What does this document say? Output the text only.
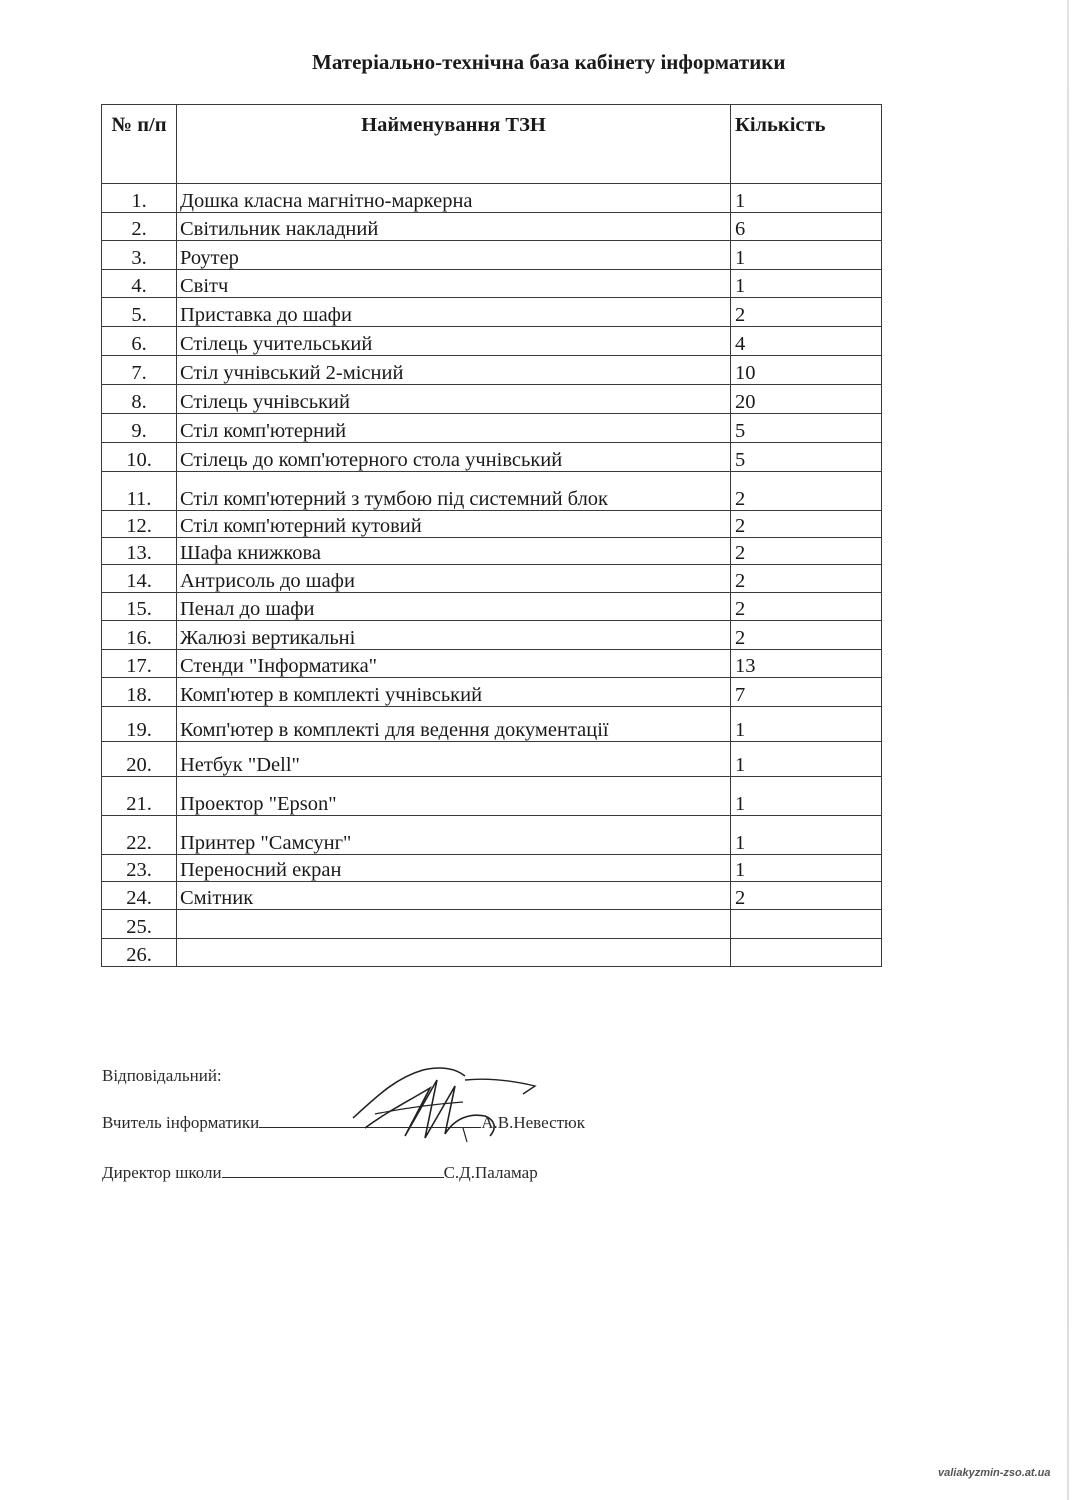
Матеріально-технічна база кабінету інформатики
№ п/п	Найменування ТЗН	Кількість
1.	Дошка класна магнітно-маркерна	1
2.	Світильник накладний	6
3.	Роутер	1
4.	Світч	1
5.	Приставка до шафи	2
6.	Стілець учительський	4
7.	Стіл учнівський 2-місний	10
8.	Стілець учнівський	20
9.	Стіл комп'ютерний	5
10.	Стілець до комп'ютерного стола учнівський	5
11.	Стіл комп'ютерний з тумбою під системний блок	2
12.	Стіл комп'ютерний кутовий	2
13.	Шафа книжкова	2
14.	Антрисоль до шафи	2
15.	Пенал до шафи	2
16.	Жалюзі вертикальні	2
17.	Стенди "Інформатика"	13
18.	Комп'ютер в комплекті учнівський	7
19.	Комп'ютер в комплекті для ведення документації	1
20.	Нетбук "Dell"	1
21.	Проектор "Epson"	1
22.	Принтер "Самсунг"	1
23.	Переносний екран	1
24.	Смітник	2
25.		
26.		
Відповідальний:
Вчитель інформатики	А.В.Невестюк
Директор школи	С.Д.Паламар
valiakyzmin-zso.at.ua
